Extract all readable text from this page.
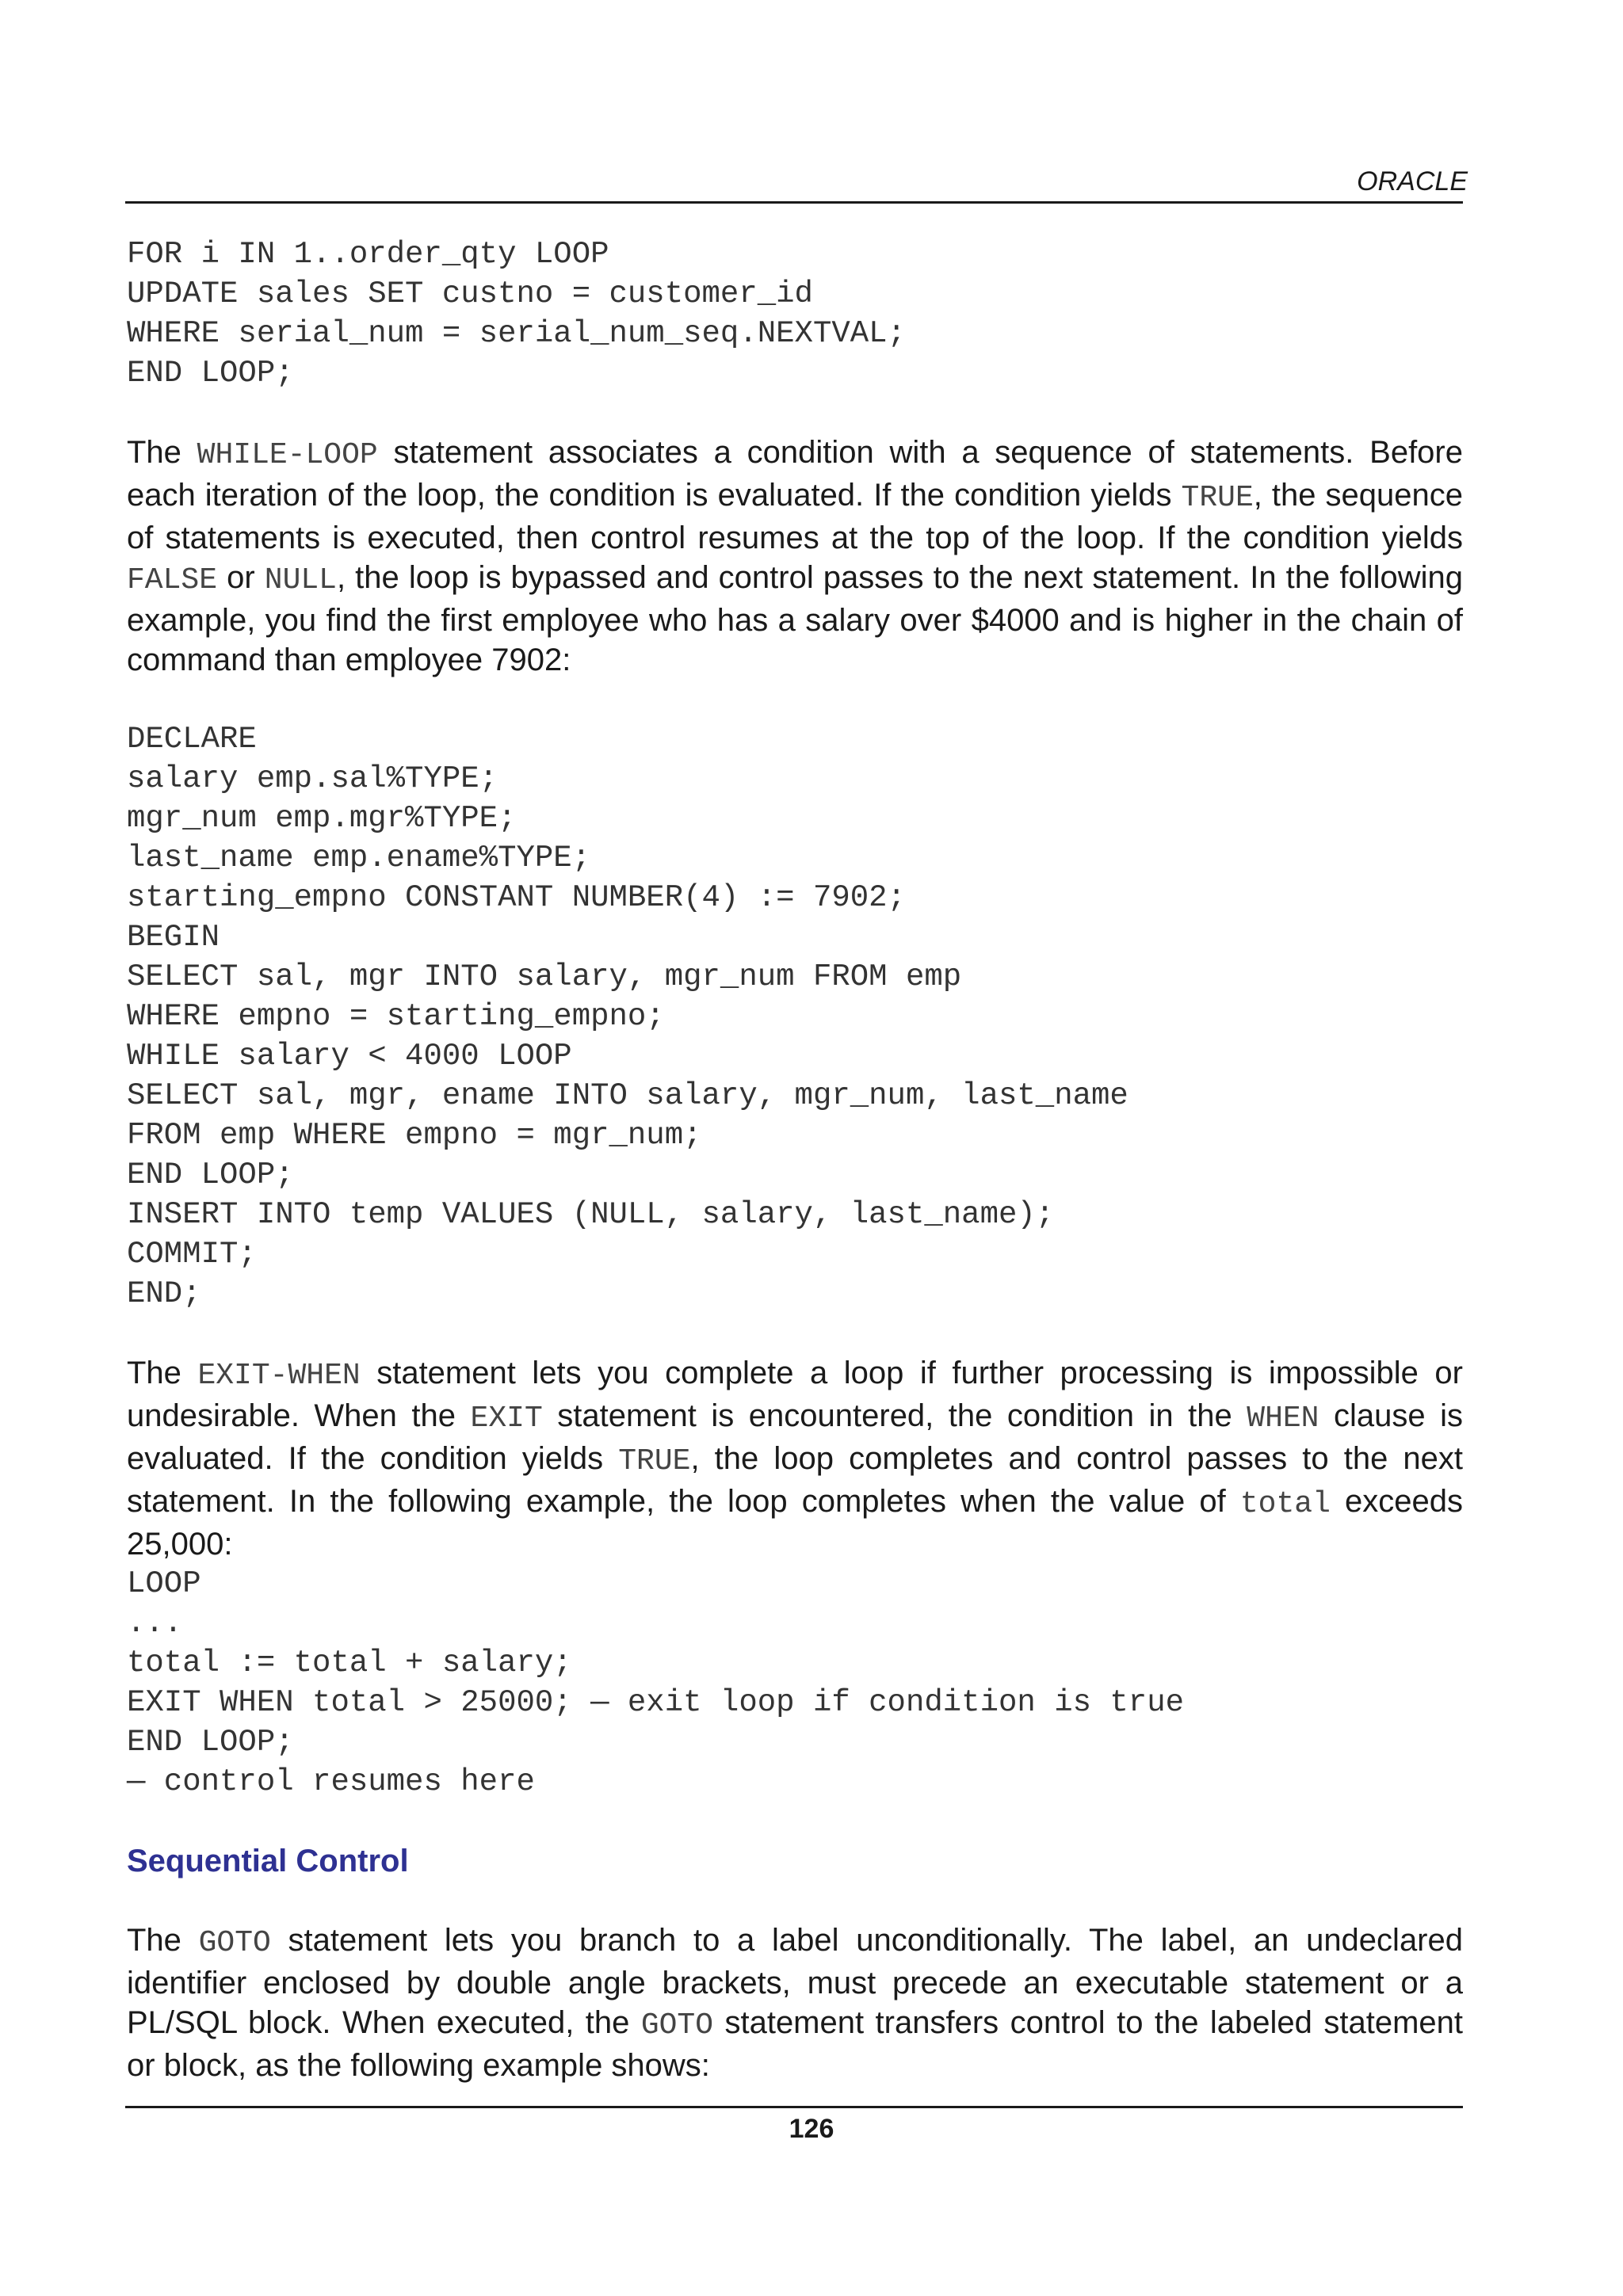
ORACLE
FOR i IN 1..order_qty LOOP
UPDATE sales SET custno = customer_id
WHERE serial_num = serial_num_seq.NEXTVAL;
END LOOP;

The WHILE-LOOP statement associates a condition with a sequence of statements. Before each iteration of the loop, the condition is evaluated. If the condition yields TRUE, the sequence of statements is executed, then control resumes at the top of the loop. If the condition yields FALSE or NULL, the loop is bypassed and control passes to the next statement. In the following example, you find the first employee who has a salary over $4000 and is higher in the chain of command than employee 7902:

DECLARE
salary emp.sal%TYPE;
mgr_num emp.mgr%TYPE;
last_name emp.ename%TYPE;
starting_empno CONSTANT NUMBER(4) := 7902;
BEGIN
SELECT sal, mgr INTO salary, mgr_num FROM emp
WHERE empno = starting_empno;
WHILE salary < 4000 LOOP
SELECT sal, mgr, ename INTO salary, mgr_num, last_name
FROM emp WHERE empno = mgr_num;
END LOOP;
INSERT INTO temp VALUES (NULL, salary, last_name);
COMMIT;
END;

The EXIT-WHEN statement lets you complete a loop if further processing is impossible or undesirable. When the EXIT statement is encountered, the condition in the WHEN clause is evaluated. If the condition yields TRUE, the loop completes and control passes to the next statement. In the following example, the loop completes when the value of total exceeds 25,000:

LOOP
...
total := total + salary;
EXIT WHEN total > 25000; — exit loop if condition is true
END LOOP;
— control resumes here
Sequential Control

The GOTO statement lets you branch to a label unconditionally. The label, an undeclared identifier enclosed by double angle brackets, must precede an executable statement or a PL/SQL block. When executed, the GOTO statement transfers control to the labeled statement or block, as the following example shows:

126
